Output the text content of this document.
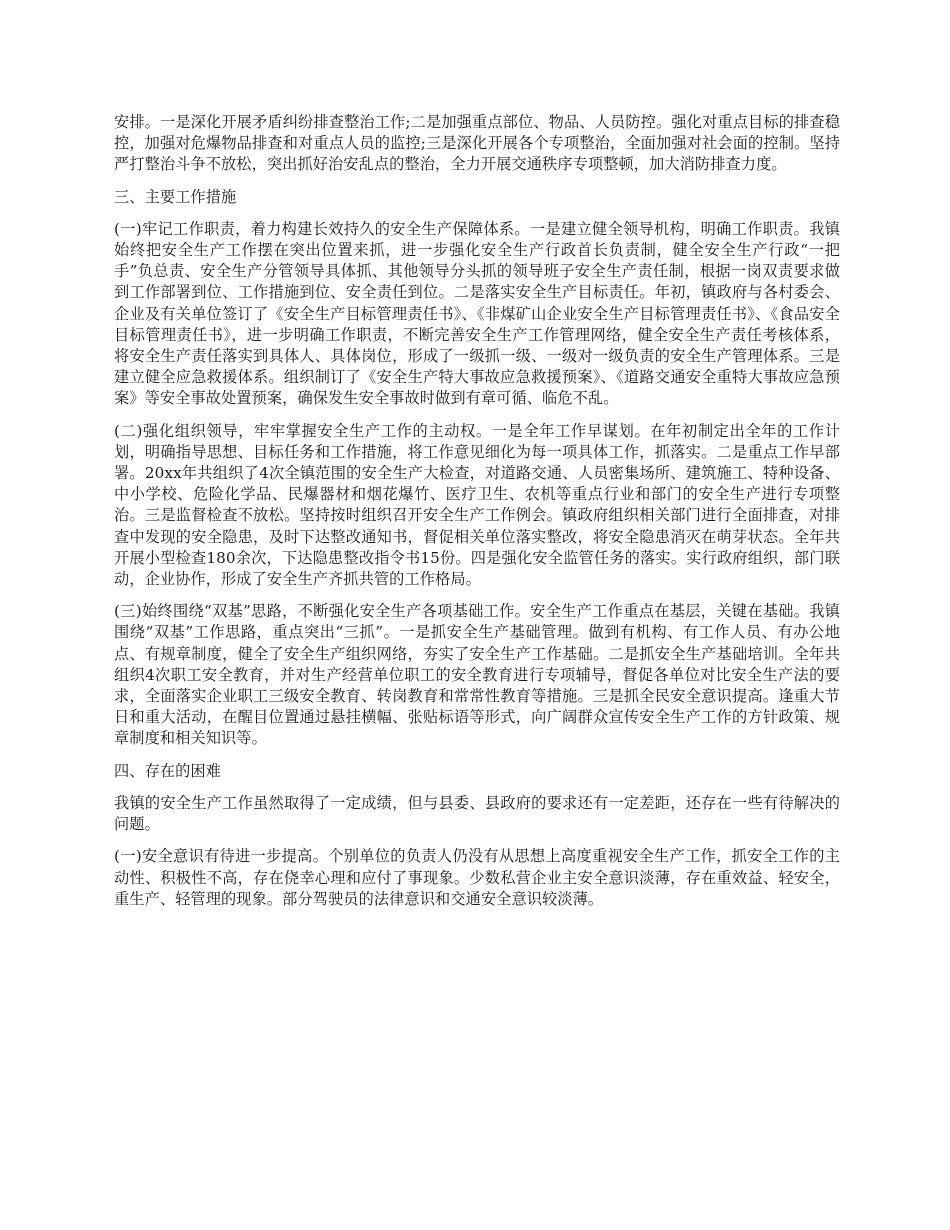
安排。一是深化开展矛盾纠纷排查整治工作;二是加强重点部位、物品、人员防控。强化对重点目标的排查稳控，加强对危爆物品排查和对重点人员的监控;三是深化开展各个专项整治，全面加强对社会面的控制。坚持严打整治斗争不放松，突出抓好治安乱点的整治，全力开展交通秩序专项整顿，加大消防排查力度。

三、主要工作措施

(一)牢记工作职责，着力构建长效持久的安全生产保障体系。一是建立健全领导机构，明确工作职责。我镇始终把安全生产工作摆在突出位置来抓，进一步强化安全生产行政首长负责制，健全安全生产行政“一把手”负总责、安全生产分管领导具体抓、其他领导分头抓的领导班子安全生产责任制，根据一岗双责要求做到工作部署到位、工作措施到位、安全责任到位。二是落实安全生产目标责任。年初，镇政府与各村委会、企业及有关单位签订了《安全生产目标管理责任书》、《非煤矿山企业安全生产目标管理责任书》、《食品安全目标管理责任书》，进一步明确工作职责，不断完善安全生产工作管理网络，健全安全生产责任考核体系，将安全生产责任落实到具体人、具体岗位，形成了一级抓一级、一级对一级负责的安全生产管理体系。三是建立健全应急救援体系。组织制订了《安全生产特大事故应急救援预案》、《道路交通安全重特大事故应急预案》等安全事故处置预案，确保发生安全事故时做到有章可循、临危不乱。

(二)强化组织领导，牢牢掌握安全生产工作的主动权。一是全年工作早谋划。在年初制定出全年的工作计划，明确指导思想、目标任务和工作措施，将工作意见细化为每一项具体工作，抓落实。二是重点工作早部署。20xx年共组织了4次全镇范围的安全生产大检查，对道路交通、人员密集场所、建筑施工、特种设备、中小学校、危险化学品、民爆器材和烟花爆竹、医疗卫生、农机等重点行业和部门的安全生产进行专项整治。三是监督检查不放松。坚持按时组织召开安全生产工作例会。镇政府组织相关部门进行全面排查，对排查中发现的安全隐患，及时下达整改通知书，督促相关单位落实整改，将安全隐患消灭在萌芽状态。全年共开展小型检查180余次，下达隐患整改指令书15份。四是强化安全监管任务的落实。实行政府组织，部门联动，企业协作，形成了安全生产齐抓共管的工作格局。

(三)始终围绕“双基”思路，不断强化安全生产各项基础工作。安全生产工作重点在基层，关键在基础。我镇围绕“双基”工作思路，重点突出“三抓”。一是抓安全生产基础管理。做到有机构、有工作人员、有办公地点、有规章制度，健全了安全生产组织网络，夯实了安全生产工作基础。二是抓安全生产基础培训。全年共组织4次职工安全教育，并对生产经营单位职工的安全教育进行专项辅导，督促各单位对比安全生产法的要求，全面落实企业职工三级安全教育、转岗教育和常常性教育等措施。三是抓全民安全意识提高。逢重大节日和重大活动，在醒目位置通过悬挂横幅、张贴标语等形式，向广阔群众宣传安全生产工作的方针政策、规章制度和相关知识等。

四、存在的困难

我镇的安全生产工作虽然取得了一定成绩，但与县委、县政府的要求还有一定差距，还存在一些有待解决的问题。

(一)安全意识有待进一步提高。个别单位的负责人仍没有从思想上高度重视安全生产工作，抓安全工作的主动性、积极性不高，存在侥幸心理和应付了事现象。少数私营企业主安全意识淡薄，存在重效益、轻安全，重生产、轻管理的现象。部分驾驶员的法律意识和交通安全意识较淡薄。
